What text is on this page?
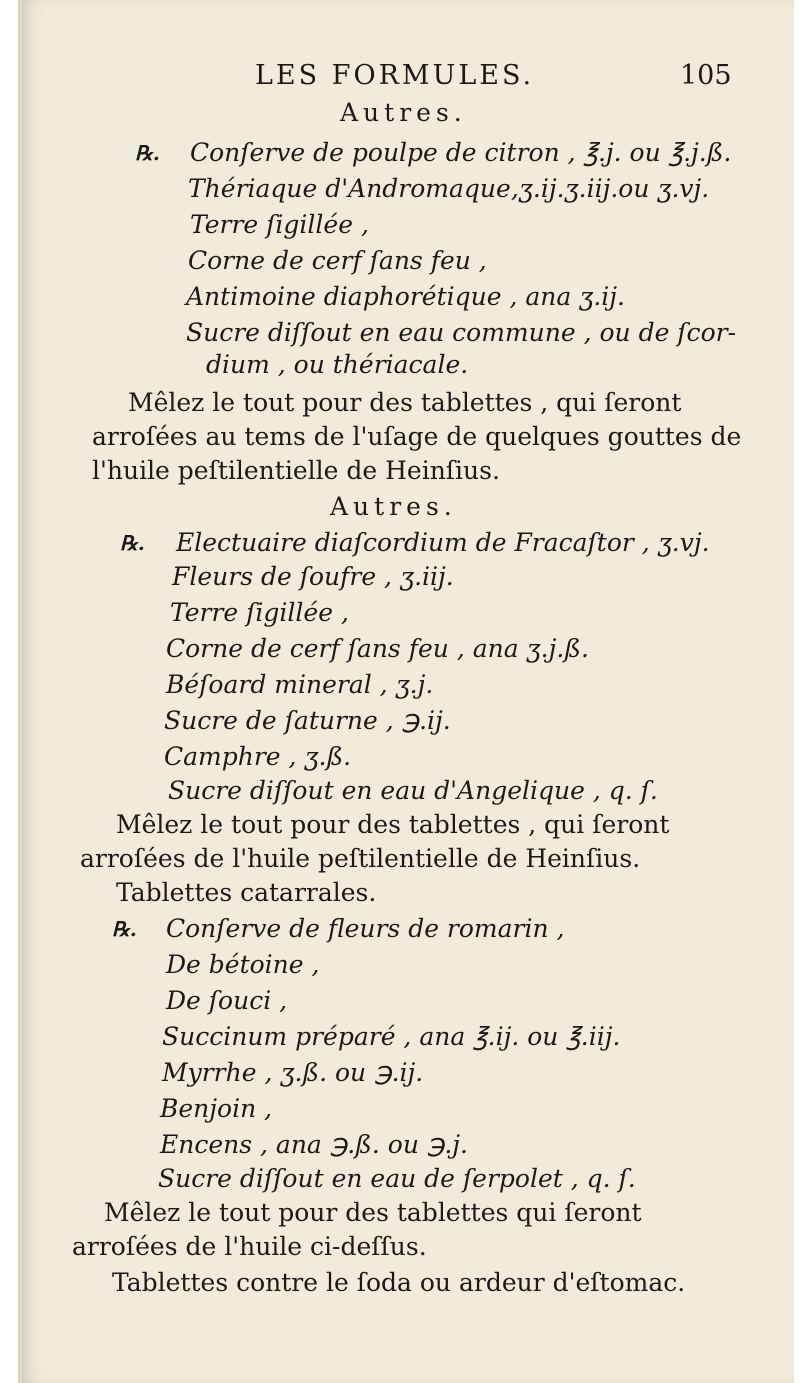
LES FORMULES.	105
Autres.
℞. Conſerve de poulpe de citron , ℥.j. ou ℥.j.ß.
Thériaque d'Andromaque,ʒ.ij.ʒ.iij.ou ʒ.vj.
Terre ſigillée ,
Corne de cerf ſans feu ,
Antimoine diaphorétique , ana ʒ.ij.
Sucre diſſout en eau commune , ou de ſcor-
dium , ou thériacale.
Mêlez le tout pour des tablettes , qui ſeront
arroſées au tems de l'uſage de quelques gouttes de
l'huile peſtilentielle de Heinſius.
Autres.
℞. Electuaire diaſcordium de Fracaſtor , ʒ.vj.
Fleurs de ſoufre , ʒ.iij.
Terre ſigillée ,
Corne de cerf ſans feu , ana ʒ.j.ß.
Béſoard mineral , ʒ.j.
Sucre de ſaturne , ℈.ij.
Camphre , ʒ.ß.
Sucre diſſout en eau d'Angelique , q. ſ.
Mêlez le tout pour des tablettes , qui ſeront
arroſées de l'huile peſtilentielle de Heinſius.
Tablettes catarrales.
℞. Conſerve de fleurs de romarin ,
De bétoine ,
De ſouci ,
Succinum préparé , ana ℥.ij. ou ℥.iij.
Myrrhe , ʒ.ß. ou ℈.ij.
Benjoin ,
Encens , ana ℈.ß. ou ℈.j.
Sucre diſſout en eau de ſerpolet , q. ſ.
Mêlez le tout pour des tablettes qui ſeront
arroſées de l'huile ci-deſſus.
Tablettes contre le ſoda ou ardeur d'eſtomac.
